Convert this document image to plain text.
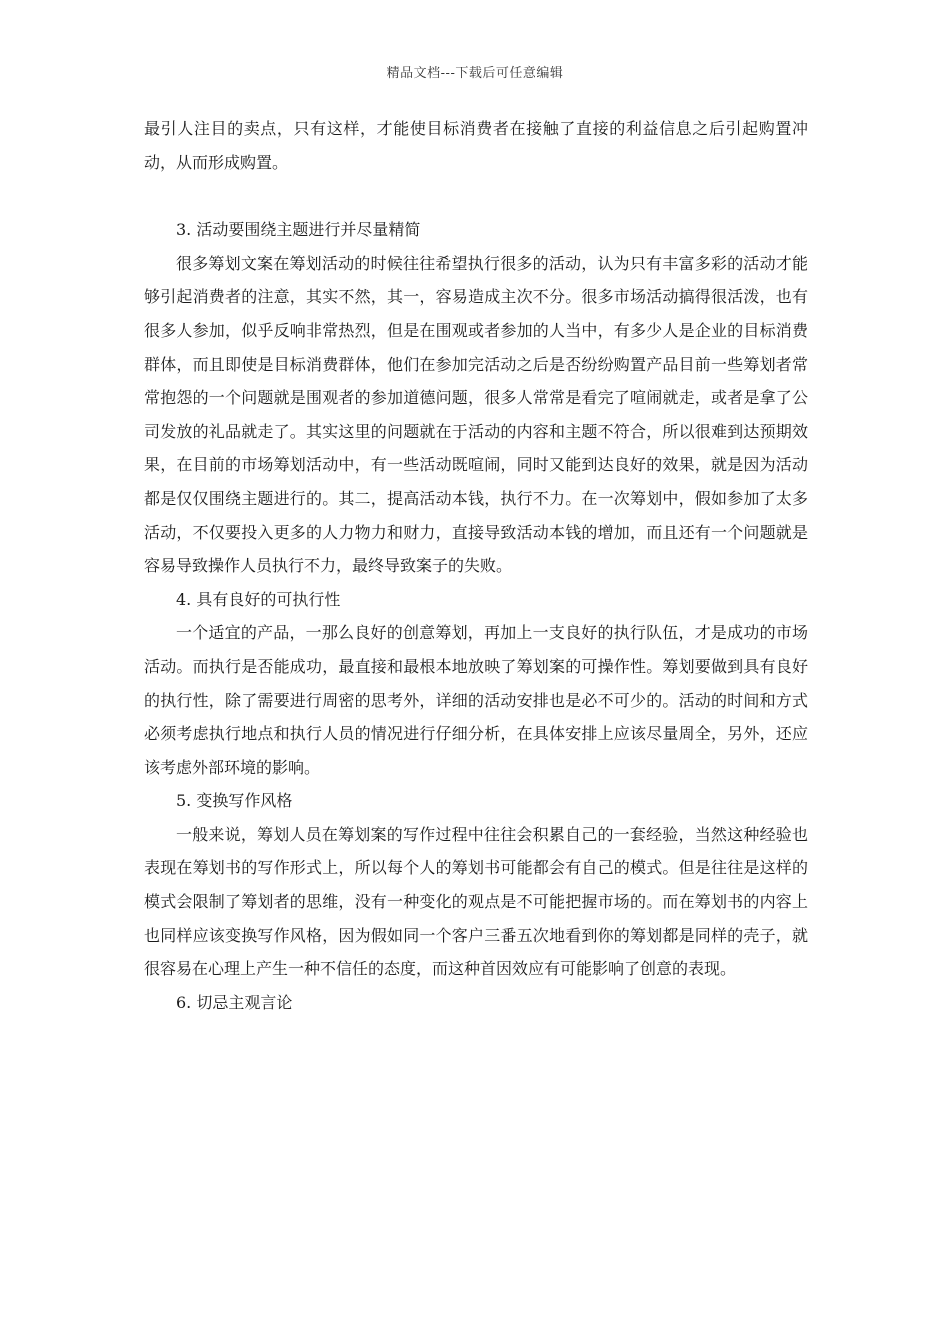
精品文档---下载后可任意编辑

最引人注目的卖点，只有这样，才能使目标消费者在接触了直接的利益信息之后引起购置冲动，从而形成购置。

3. 活动要围绕主题进行并尽量精简

很多筹划文案在筹划活动的时候往往希望执行很多的活动，认为只有丰富多彩的活动才能够引起消费者的注意，其实不然，其一，容易造成主次不分。很多市场活动搞得很活泼，也有很多人参加，似乎反响非常热烈，但是在围观或者参加的人当中，有多少人是企业的目标消费群体，而且即使是目标消费群体，他们在参加完活动之后是否纷纷购置产品目前一些筹划者常常抱怨的一个问题就是围观者的参加道德问题，很多人常常是看完了喧闹就走，或者是拿了公司发放的礼品就走了。其实这里的问题就在于活动的内容和主题不符合，所以很难到达预期效果，在目前的市场筹划活动中，有一些活动既喧闹，同时又能到达良好的效果，就是因为活动都是仅仅围绕主题进行的。其二，提高活动本钱，执行不力。在一次筹划中，假如参加了太多活动，不仅要投入更多的人力物力和财力，直接导致活动本钱的增加，而且还有一个问题就是容易导致操作人员执行不力，最终导致案子的失败。

4. 具有良好的可执行性

一个适宜的产品，一那么良好的创意筹划，再加上一支良好的执行队伍，才是成功的市场活动。而执行是否能成功，最直接和最根本地放映了筹划案的可操作性。筹划要做到具有良好的执行性，除了需要进行周密的思考外，详细的活动安排也是必不可少的。活动的时间和方式必须考虑执行地点和执行人员的情况进行仔细分析，在具体安排上应该尽量周全，另外，还应该考虑外部环境的影响。

5. 变换写作风格

一般来说，筹划人员在筹划案的写作过程中往往会积累自己的一套经验，当然这种经验也表现在筹划书的写作形式上，所以每个人的筹划书可能都会有自己的模式。但是往往是这样的模式会限制了筹划者的思维，没有一种变化的观点是不可能把握市场的。而在筹划书的内容上也同样应该变换写作风格，因为假如同一个客户三番五次地看到你的筹划都是同样的壳子，就很容易在心理上产生一种不信任的态度，而这种首因效应有可能影响了创意的表现。

6. 切忌主观言论
